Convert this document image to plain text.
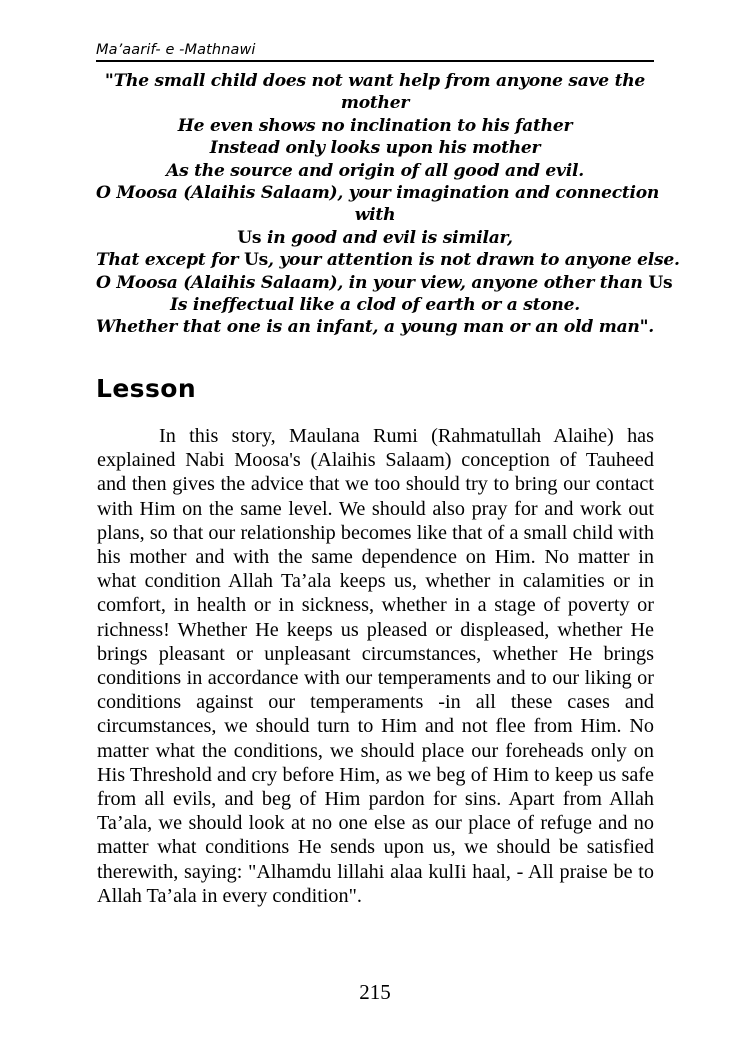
Ma’aarif- e -Mathnawi
"The small child does not want help from anyone save the
mother
He even shows no inclination to his father
Instead only looks upon his mother
As the source and origin of all good and evil.
O Moosa (Alaihis Salaam), your imagination and connection
with
Us in good and evil is similar,
That except for Us, your attention is not drawn to anyone else.
O Moosa (Alaihis Salaam), in your view, anyone other than Us
Is ineffectual like a clod of earth or a stone.
Whether that one is an infant, a young man or an old man".
Lesson

In this story, Maulana Rumi (Rahmatullah Alaihe) has explained Nabi Moosa's (Alaihis Salaam) conception of Tauheed and then gives the advice that we too should try to bring our contact with Him on the same level. We should also pray for and work out plans, so that our relationship becomes like that of a small child with his mother and with the same dependence on Him. No matter in what condition Allah Ta’ala keeps us, whether in calamities or in comfort, in health or in sickness, whether in a stage of poverty or richness! Whether He keeps us pleased or displeased, whether He brings pleasant or unpleasant circumstances, whether He brings conditions in accordance with our temperaments and to our liking or conditions against our temperaments -in all these cases and circumstances, we should turn to Him and not flee from Him. No matter what the conditions, we should place our foreheads only on His Threshold and cry before Him, as we beg of Him to keep us safe from all evils, and beg of Him pardon for sins. Apart from Allah Ta’ala, we should look at no one else as our place of refuge and no matter what conditions He sends upon us, we should be satisfied therewith, saying: "Alhamdu lillahi alaa kulIi haal, - All praise be to Allah Ta’ala in every condition".

215
